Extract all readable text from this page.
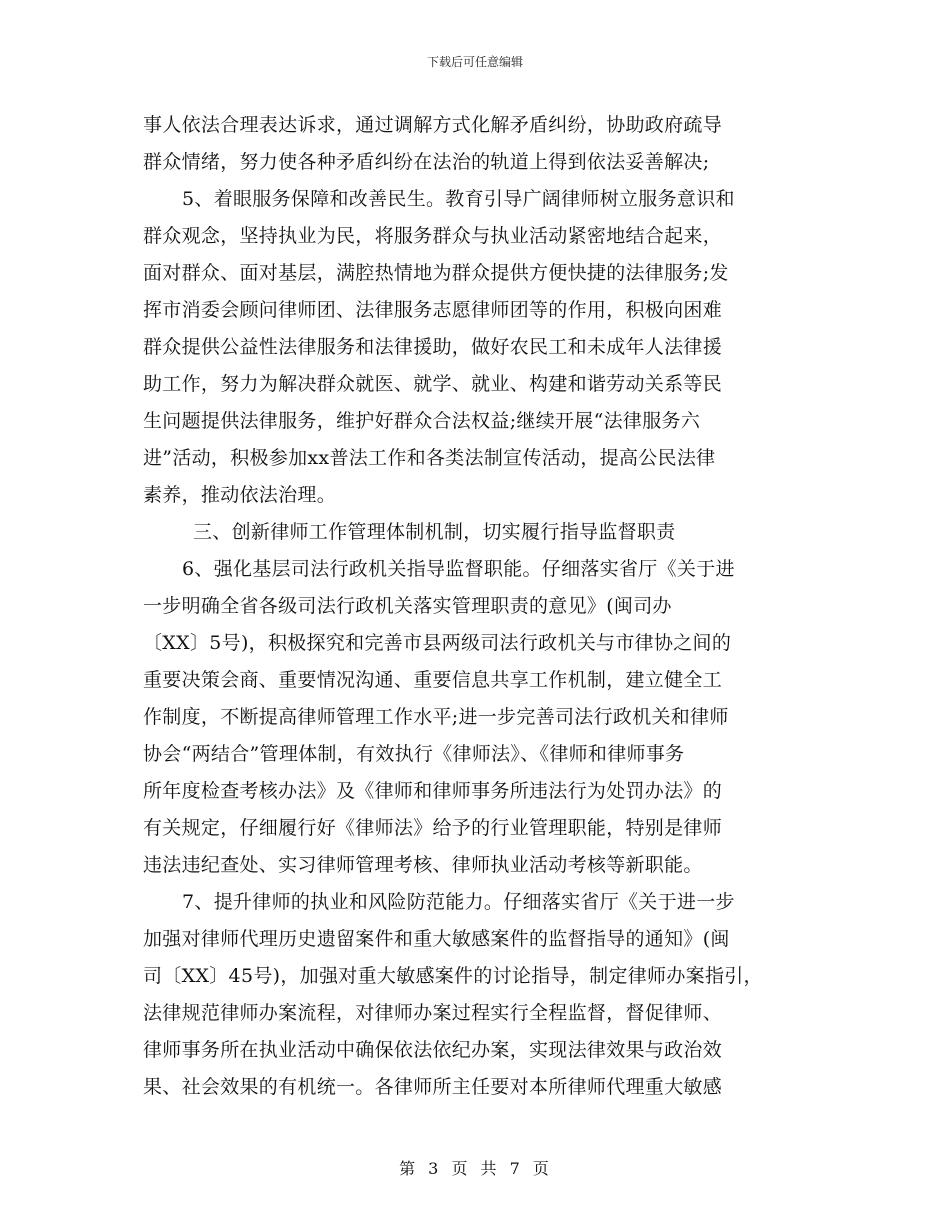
下载后可任意编辑
事人依法合理表达诉求，通过调解方式化解矛盾纠纷，协助政府疏导
群众情绪，努力使各种矛盾纠纷在法治的轨道上得到依法妥善解决;
5、着眼服务保障和改善民生。教育引导广阔律师树立服务意识和
群众观念，坚持执业为民，将服务群众与执业活动紧密地结合起来，
面对群众、面对基层，满腔热情地为群众提供方便快捷的法律服务;发
挥市消委会顾问律师团、法律服务志愿律师团等的作用，积极向困难
群众提供公益性法律服务和法律援助，做好农民工和未成年人法律援
助工作，努力为解决群众就医、就学、就业、构建和谐劳动关系等民
生问题提供法律服务，维护好群众合法权益;继续开展“法律服务六
进”活动，积极参加xx普法工作和各类法制宣传活动，提高公民法律
素养，推动依法治理。
三、创新律师工作管理体制机制，切实履行指导监督职责
6、强化基层司法行政机关指导监督职能。仔细落实省厅《关于进
一步明确全省各级司法行政机关落实管理职责的意见》(闽司办
〔XX〕5号)，积极探究和完善市县两级司法行政机关与市律协之间的
重要决策会商、重要情况沟通、重要信息共享工作机制，建立健全工
作制度，不断提高律师管理工作水平;进一步完善司法行政机关和律师
协会“两结合”管理体制，有效执行《律师法》、《律师和律师事务
所年度检查考核办法》及《律师和律师事务所违法行为处罚办法》的
有关规定，仔细履行好《律师法》给予的行业管理职能，特别是律师
违法违纪查处、实习律师管理考核、律师执业活动考核等新职能。
7、提升律师的执业和风险防范能力。仔细落实省厅《关于进一步
加强对律师代理历史遗留案件和重大敏感案件的监督指导的通知》(闽
司〔XX〕45号)，加强对重大敏感案件的讨论指导，制定律师办案指引，
法律规范律师办案流程，对律师办案过程实行全程监督，督促律师、
律师事务所在执业活动中确保依法依纪办案，实现法律效果与政治效
果、社会效果的有机统一。各律师所主任要对本所律师代理重大敏感
第 3 页 共 7 页
